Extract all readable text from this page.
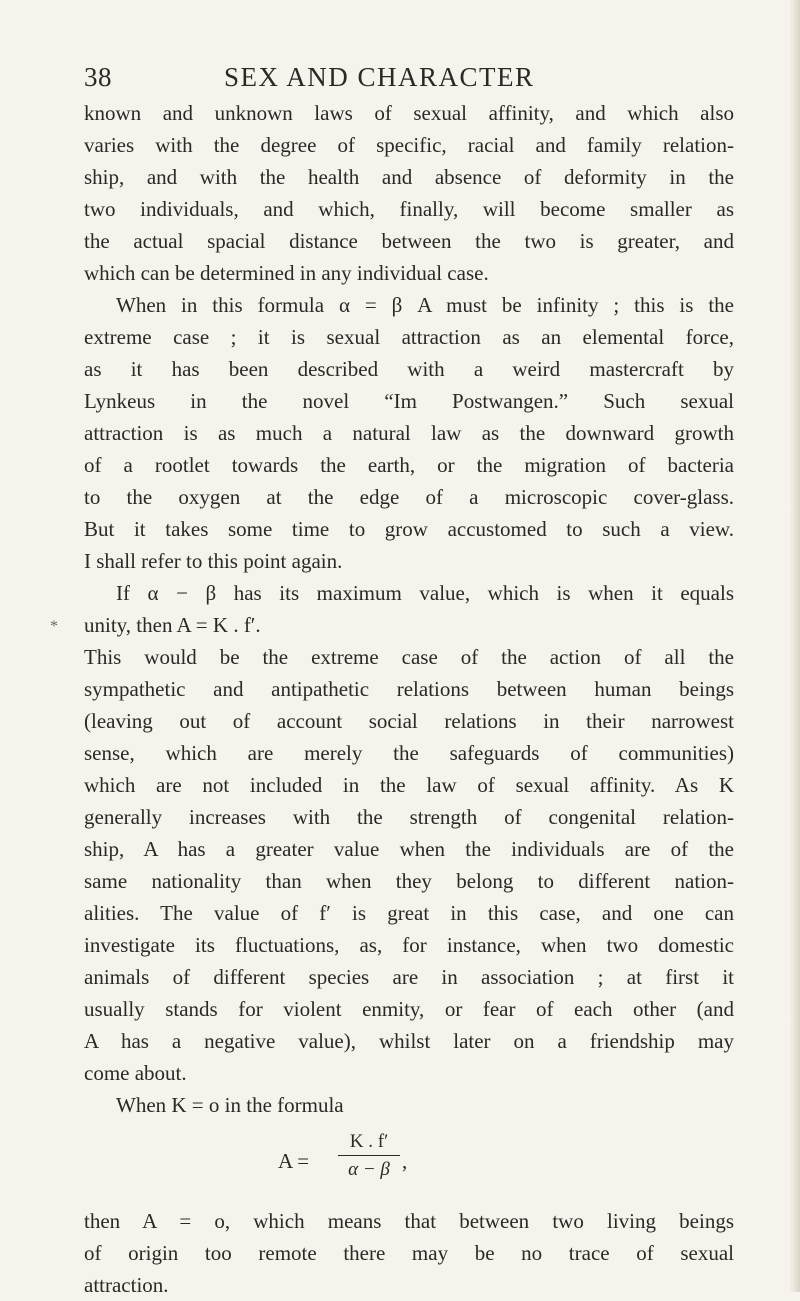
38	SEX AND CHARACTER
*
known and unknown laws of sexual affinity, and which also
varies with the degree of specific, racial and family relation-
ship, and with the health and absence of deformity in the
two individuals, and which, finally, will become smaller as
the actual spacial distance between the two is greater, and
which can be determined in any individual case.
When in this formula α = β A must be infinity ; this is the
extreme case ; it is sexual attraction as an elemental force,
as it has been described with a weird mastercraft by
Lynkeus in the novel “Im Postwangen.” Such sexual
attraction is as much a natural law as the downward growth
of a rootlet towards the earth, or the migration of bacteria
to the oxygen at the edge of a microscopic cover-glass.
But it takes some time to grow accustomed to such a view.
I shall refer to this point again.
If α − β has its maximum value, which is when it equals
unity, then A = K . f′.
This would be the extreme case of the action of all the
sympathetic and antipathetic relations between human beings
(leaving out of account social relations in their narrowest
sense, which are merely the safeguards of communities)
which are not included in the law of sexual affinity. As K
generally increases with the strength of congenital relation-
ship, A has a greater value when the individuals are of the
same nationality than when they belong to different nation-
alities. The value of f′ is great in this case, and one can
investigate its fluctuations, as, for instance, when two domestic
animals of different species are in association ; at first it
usually stands for violent enmity, or fear of each other (and
A has a negative value), whilst later on a friendship may
come about.
When K = o in the formula
A =
K . f′
α − β ,
then A = o, which means that between two living beings
of origin too remote there may be no trace of sexual
attraction.
